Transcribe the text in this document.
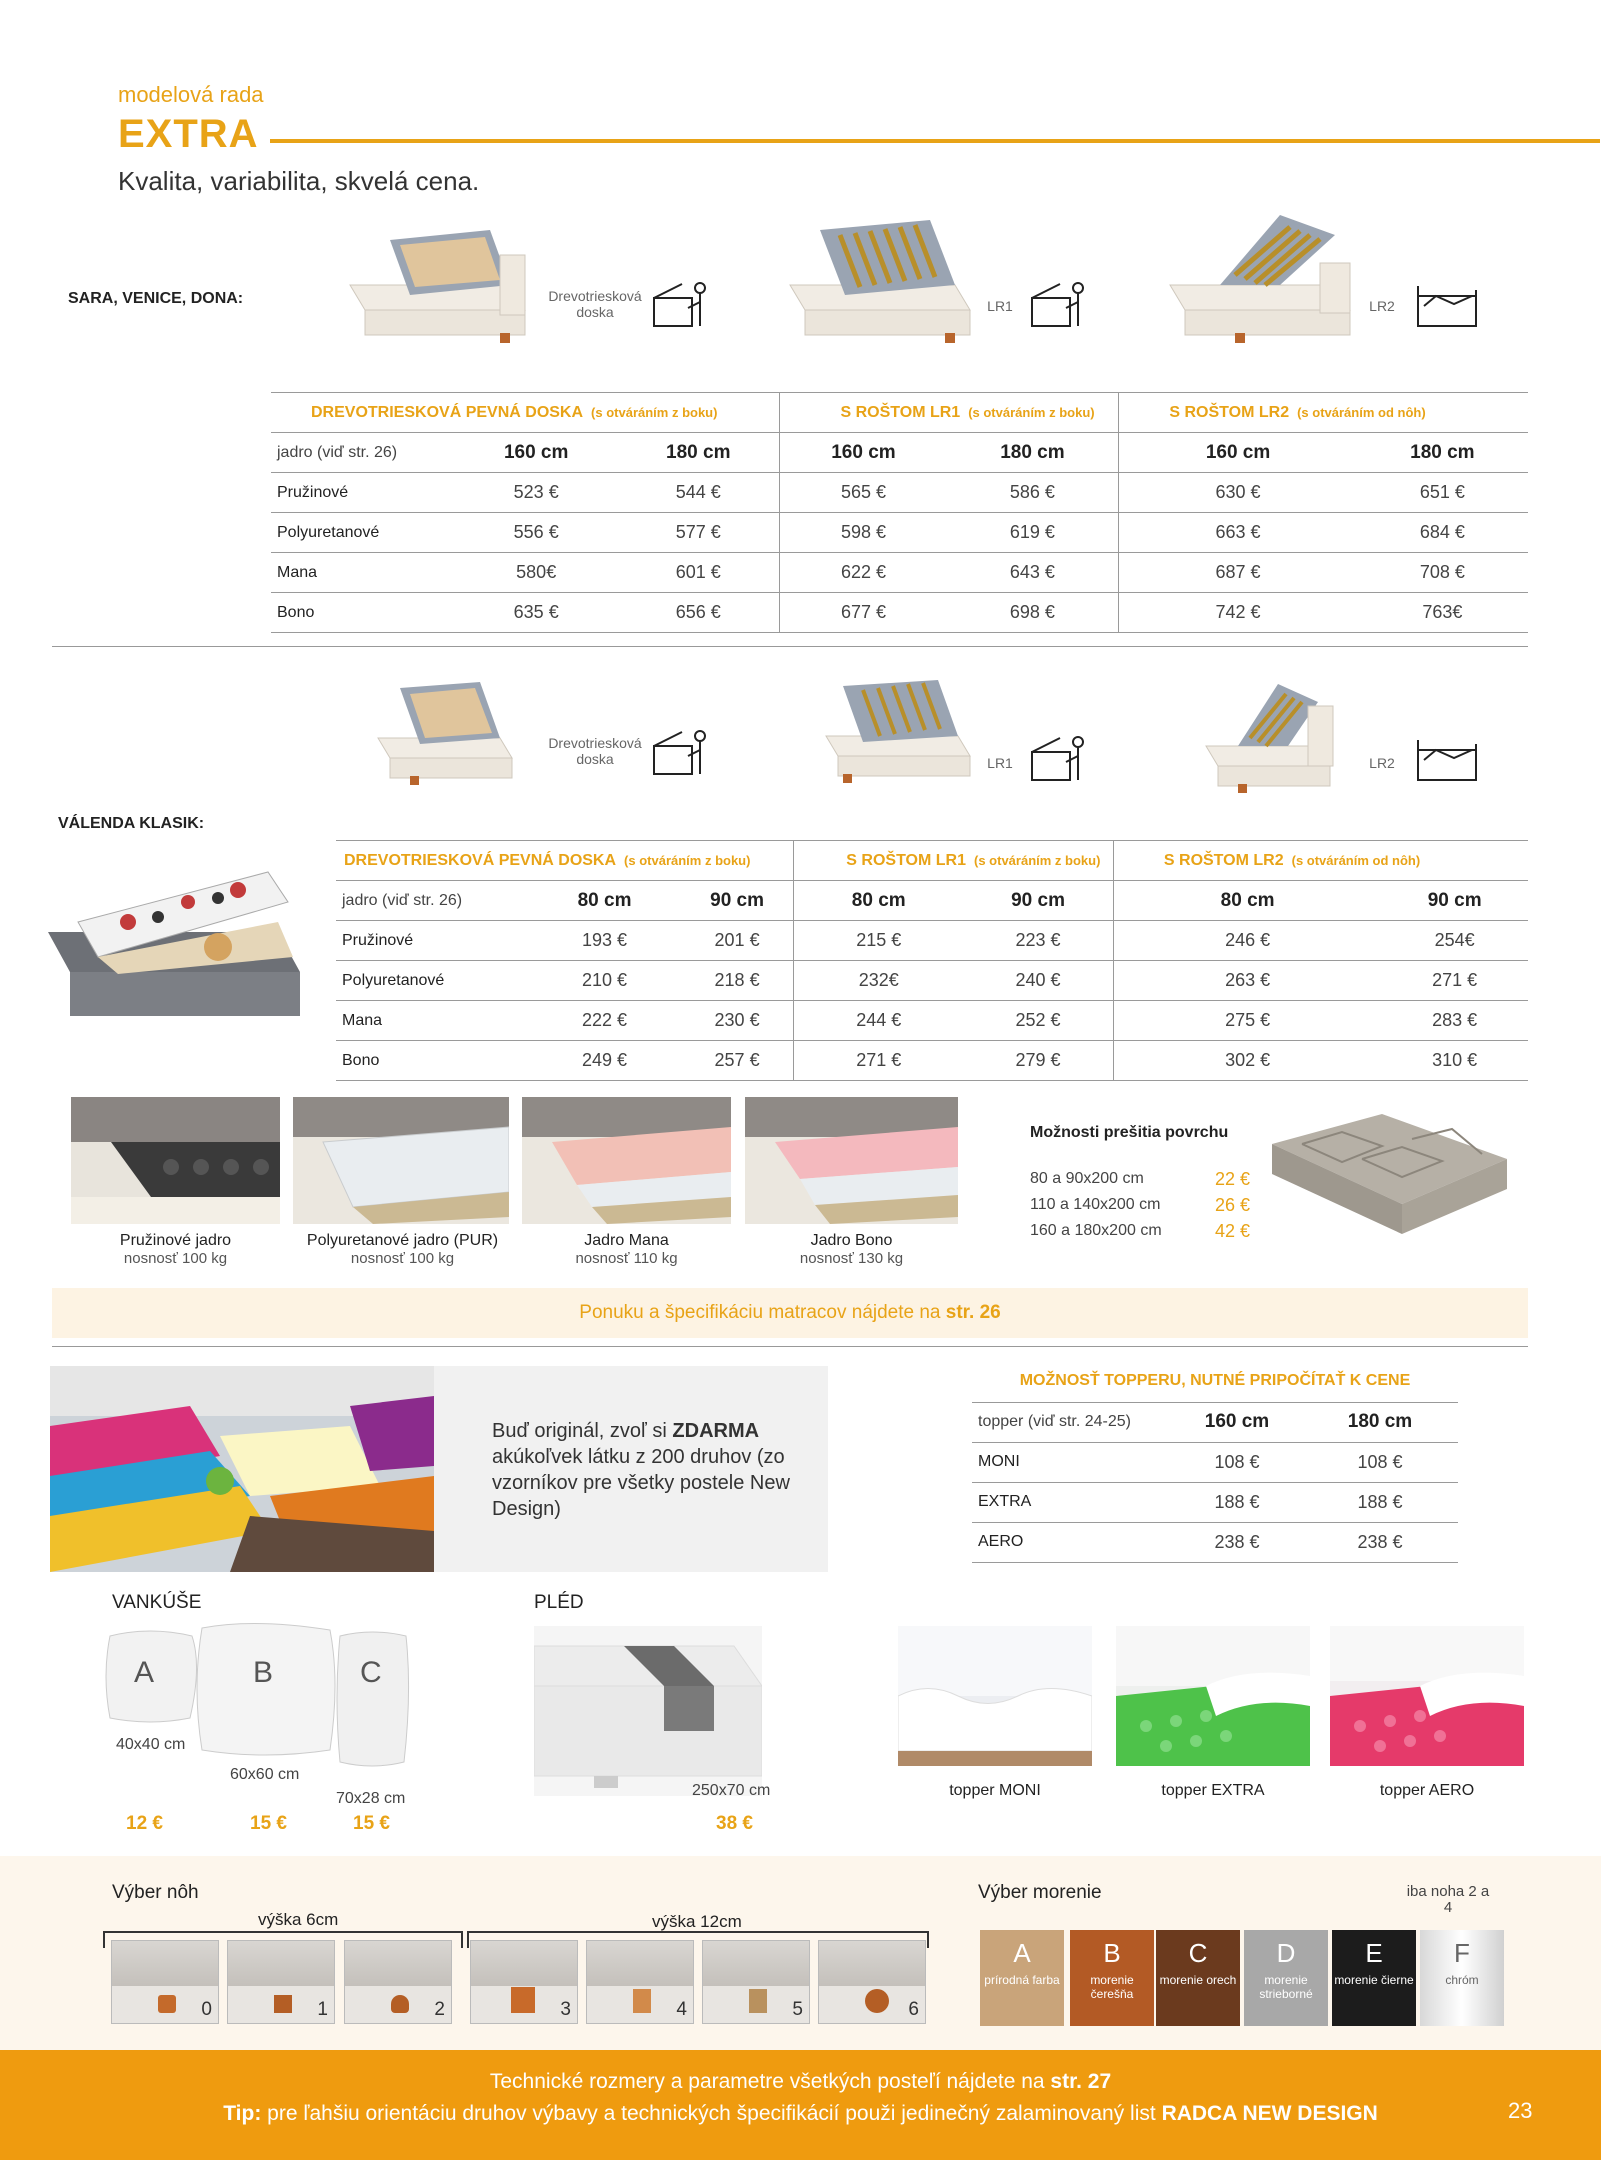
modelová rada
EXTRA
Kvalita, variabilita, skvelá cena.
SARA, VENICE, DONA:	Drevotriesková doska	LR1	LR2
DREVOTRIESKOVÁ PEVNÁ DOSKA (s otváráním z boku)			S ROŠTOM LR1 (s otváráním z boku)		S ROŠTOM LR2 (s otváráním od nôh)	
jadro (viď str. 26)	160 cm	180 cm	160 cm	180 cm	160 cm	180 cm
Pružinové	523 €	544 €	565 €	586 €	630 €	651 €
Polyuretanové	556 €	577 €	598 €	619 €	663 €	684 €
Mana	580€	601 €	622 €	643 €	687 €	708 €
Bono	635 €	656 €	677 €	698 €	742 €	763€
Drevotriesková doska	LR1	LR2
VÁLENDA KLASIK:
DREVOTRIESKOVÁ PEVNÁ DOSKA (s otváráním z boku)			S ROŠTOM LR1 (s otváráním z boku)		S ROŠTOM LR2 (s otváráním od nôh)	
jadro (viď str. 26)	80 cm	90 cm	80 cm	90 cm	80 cm	90 cm
Pružinové	193 €	201 €	215 €	223 €	246 €	254€
Polyuretanové	210 €	218 €	232€	240 €	263 €	271 €
Mana	222 €	230 €	244 €	252 €	275 €	283 €
Bono	249 €	257 €	271 €	279 €	302 €	310 €
Pružinové jadro
nosnosť 100 kg
Polyuretanové jadro (PUR)
nosnosť 100 kg
Jadro Mana
nosnosť 110 kg
Jadro Bono
nosnosť 130 kg
Možnosti prešitia povrchu
80 a 90x200 cm	22 €
110 a 140x200 cm	26 €
160 a 180x200 cm	42 €
Ponuku a špecifikáciu matracov nájdete na str. 26
Buď originál, zvoľ si ZDARMA
akúkoľvek látku z 200 druhov (zo vzorníkov pre všetky postele New Design)
MOŽNOSŤ TOPPERU, NUTNÉ PRIPOČÍTAŤ K CENE
topper (viď str. 24-25)	160 cm	180 cm
MONI	108 €	108 €
EXTRA	188 €	188 €
AERO	238 €	238 €
VANKÚŠE
A	B	C
40x40 cm
60x60 cm
70x28 cm
12 €	15 €	15 €
PLÉD
250x70 cm
38 €
topper MONI	topper EXTRA	topper AERO
Výber nôh
výška 6cm	výška 12cm
0	1	2	3	4	5	6
Výber morenie	iba noha 2 a 4
A
prírodná farba
B
morenie čerešňa
C
morenie orech
D
morenie strieborné
E
morenie čierne
F
chróm
Technické rozmery a parametre všetkých posteľí nájdete na str. 27
Tip: pre ľahšiu orientáciu druhov výbavy a technických špecifikácií použi jedinečný zalaminovaný list RADCA NEW DESIGN	23
